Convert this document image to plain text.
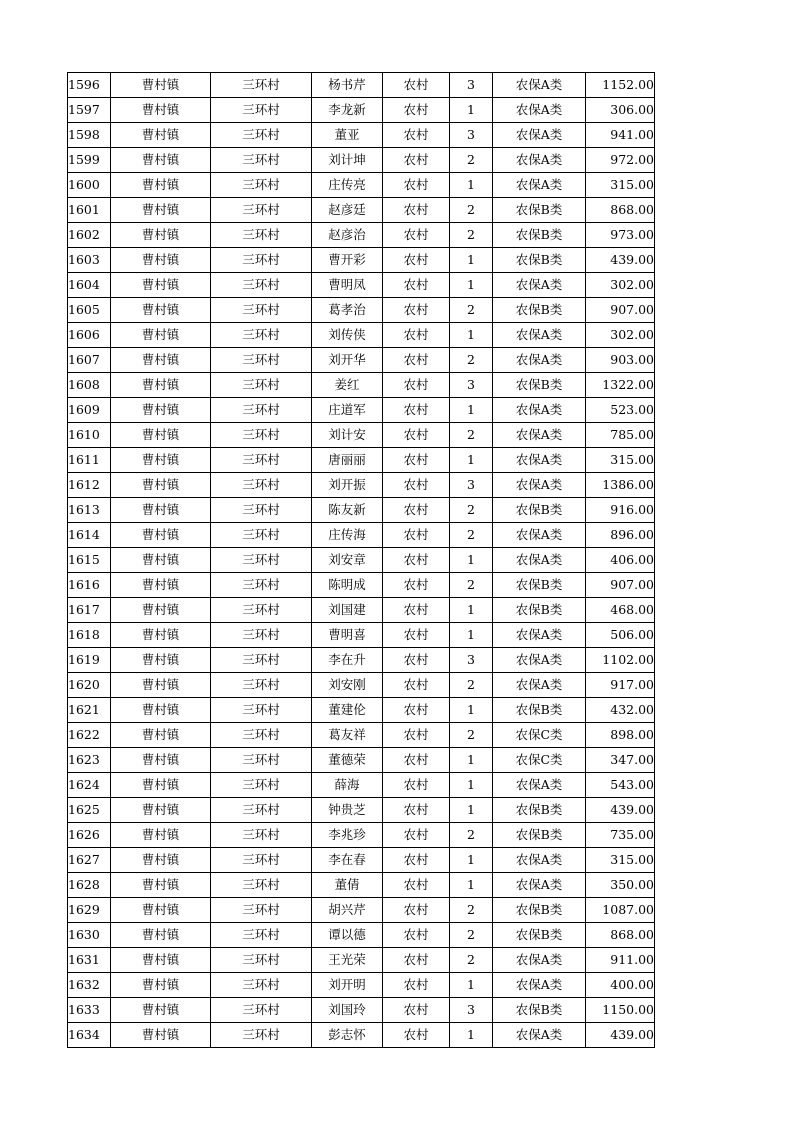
1596	曹村镇	三环村	杨书芹	农村	3	农保A类	1152.00
1597	曹村镇	三环村	李龙新	农村	1	农保A类	306.00
1598	曹村镇	三环村	董亚	农村	3	农保A类	941.00
1599	曹村镇	三环村	刘计坤	农村	2	农保A类	972.00
1600	曹村镇	三环村	庄传亮	农村	1	农保A类	315.00
1601	曹村镇	三环村	赵彦廷	农村	2	农保B类	868.00
1602	曹村镇	三环村	赵彦治	农村	2	农保B类	973.00
1603	曹村镇	三环村	曹开彩	农村	1	农保B类	439.00
1604	曹村镇	三环村	曹明凤	农村	1	农保A类	302.00
1605	曹村镇	三环村	葛孝治	农村	2	农保B类	907.00
1606	曹村镇	三环村	刘传侠	农村	1	农保A类	302.00
1607	曹村镇	三环村	刘开华	农村	2	农保A类	903.00
1608	曹村镇	三环村	姜红	农村	3	农保B类	1322.00
1609	曹村镇	三环村	庄道军	农村	1	农保A类	523.00
1610	曹村镇	三环村	刘计安	农村	2	农保A类	785.00
1611	曹村镇	三环村	唐丽丽	农村	1	农保A类	315.00
1612	曹村镇	三环村	刘开振	农村	3	农保A类	1386.00
1613	曹村镇	三环村	陈友新	农村	2	农保B类	916.00
1614	曹村镇	三环村	庄传海	农村	2	农保A类	896.00
1615	曹村镇	三环村	刘安章	农村	1	农保A类	406.00
1616	曹村镇	三环村	陈明成	农村	2	农保B类	907.00
1617	曹村镇	三环村	刘国建	农村	1	农保B类	468.00
1618	曹村镇	三环村	曹明喜	农村	1	农保A类	506.00
1619	曹村镇	三环村	李在升	农村	3	农保A类	1102.00
1620	曹村镇	三环村	刘安刚	农村	2	农保A类	917.00
1621	曹村镇	三环村	董建伦	农村	1	农保B类	432.00
1622	曹村镇	三环村	葛友祥	农村	2	农保C类	898.00
1623	曹村镇	三环村	董德荣	农村	1	农保C类	347.00
1624	曹村镇	三环村	薛海	农村	1	农保A类	543.00
1625	曹村镇	三环村	钟贵芝	农村	1	农保B类	439.00
1626	曹村镇	三环村	李兆珍	农村	2	农保B类	735.00
1627	曹村镇	三环村	李在春	农村	1	农保A类	315.00
1628	曹村镇	三环村	董倩	农村	1	农保A类	350.00
1629	曹村镇	三环村	胡兴芹	农村	2	农保B类	1087.00
1630	曹村镇	三环村	谭以德	农村	2	农保B类	868.00
1631	曹村镇	三环村	王光荣	农村	2	农保A类	911.00
1632	曹村镇	三环村	刘开明	农村	1	农保A类	400.00
1633	曹村镇	三环村	刘国玲	农村	3	农保B类	1150.00
1634	曹村镇	三环村	彭志怀	农村	1	农保A类	439.00
